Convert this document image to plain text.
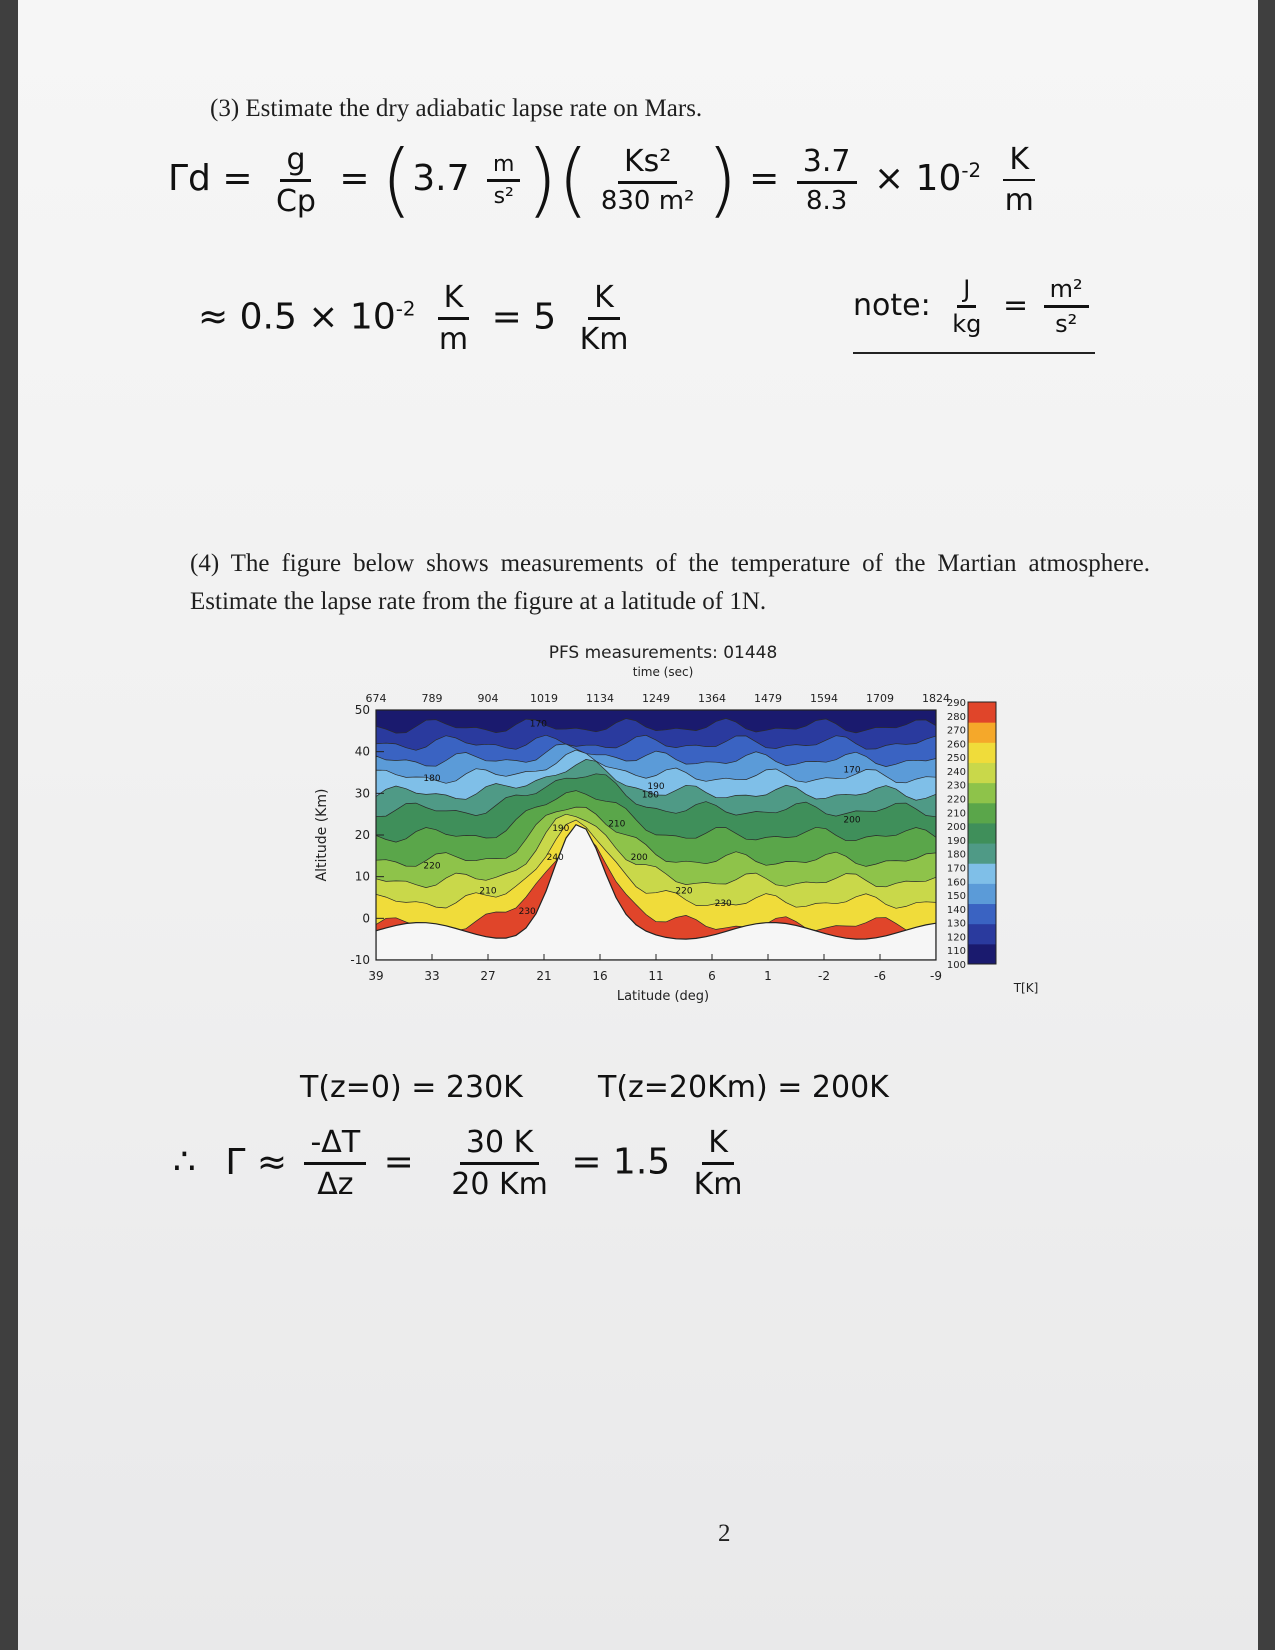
(3) Estimate the dry adiabatic lapse rate on Mars.
$\Gamma d = \frac{g}{Cp} = (3.7 \frac{m}{\text{s²}}$ )( $\frac{\text{Ks²}}{\text{830 m²}}$ ) = $\frac{3.7}{8.3} \times 10^{-2} \frac{K}{m}$
≈ $0.5 \times 10^{-2} \frac{K}{m} = 5 \frac{K}{Km}$	note: $\frac{J}{kg} = \frac{\text{m²}}{\text{s²}}$
(4) The figure below shows measurements of the temperature of the Martian atmosphere. Estimate the lapse rate from the figure at a latitude of 1N.
PFS measurements: 01448
time (sec)
674	789	904	1019	1134	1249	1364	1479	1594	1709	1824
-10
0
10
20
30
40
50
39	33	27	21	16	11	6	1	-2	-6	-9
170
180
190
200
210
220
230
240
170
180
190
200
210	220
230
Altitude (Km)
Latitude (deg)
290
280
270
260
250
240
230
220
210
200
190
180
170
160
150
140
130
120
110
100
T[K]
T(z=0) = 230K	T(z=20Km) = 200K
∴ $\Gamma \approx \frac{-\Delta T}{\Delta z} = \frac{30 K}{20 Km} = 1.5 \frac{K}{Km}$
2
